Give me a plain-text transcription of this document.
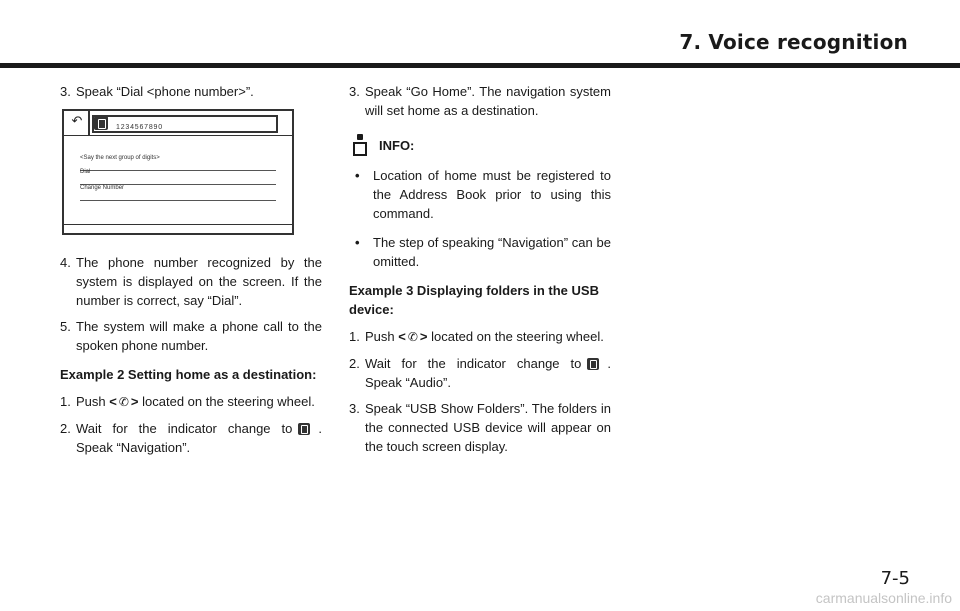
7. Voice recognition
3. Speak “Dial <phone number>”.
↶	1234567890
<Say the next group of digits>
Dial
Change Number
4. The phone number recognized by the system is displayed on the screen. If the number is correct, say “Dial”.
5. The system will make a phone call to the spoken phone number.
Example 2 Setting home as a destination:
1. Push < ✆ > located on the steering wheel.
2. Wait for the indicator change to . Speak “Navigation”.
3. Speak “Go Home”. The navigation system will set home as a destination.
INFO:
•	Location of home must be registered to the Address Book prior to using this command.
•	The step of speaking “Navigation” can be omitted.
Example 3 Displaying folders in the USB device:
1. Push < ✆ > located on the steering wheel.
2. Wait for the indicator change to . Speak “Audio”.
3. Speak “USB Show Folders”. The folders in the connected USB device will appear on the touch screen display.
7-5
carmanualsonline.info
